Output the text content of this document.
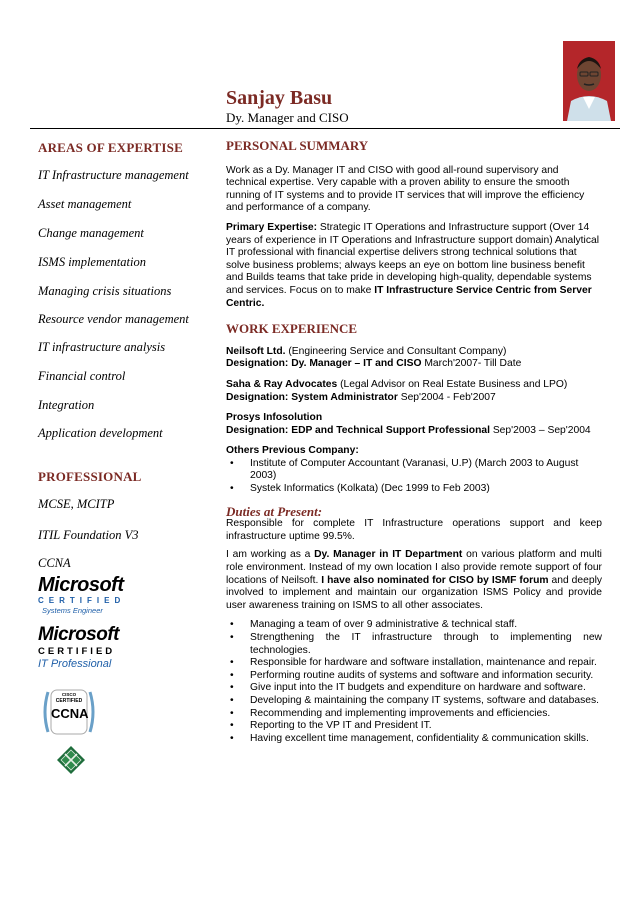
Sanjay Basu
Dy. Manager and CISO
AREAS OF EXPERTISE
IT Infrastructure management
Asset management
Change management
ISMS implementation
Managing crisis situations
Resource vendor management
IT infrastructure analysis
Financial control
Integration
Application development
PROFESSIONAL
MCSE, MCITP
ITIL Foundation V3
CCNA
Microsoft
CERTIFIED
Systems Engineer
Microsoft
CERTIFIED
IT Professional
CISCO
CERTIFIED
CCNA
PERSONAL SUMMARY

Work as a Dy. Manager IT and CISO with good all-round supervisory and technical expertise. Very capable with a proven ability to ensure the smooth running of IT systems and to provide IT services that will improve the efficiency and performance of a company.

Primary Expertise: Strategic IT Operations and Infrastructure support (Over 14 years of experience in IT Operations and Infrastructure support domain) Analytical IT professional with financial expertise delivers strong technical solutions that solve business problems; always keeps an eye on bottom line business benefit and Builds teams that take pride in developing high-quality, dependable systems and services. Focus on to make IT Infrastructure Service Centric from Server Centric.

WORK EXPERIENCE
Neilsoft Ltd. (Engineering Service and Consultant Company)
Designation: Dy. Manager – IT and CISO March'2007- Till Date
Saha & Ray Advocates (Legal Advisor on Real Estate Business and LPO)
Designation: System Administrator Sep'2004 - Feb'2007
Prosys Infosolution
Designation: EDP and Technical Support Professional Sep'2003 – Sep'2004
Others Previous Company:
• Institute of Computer Accountant (Varanasi, U.P) (March 2003 to August 2003)
• Systek Informatics (Kolkata) (Dec 1999 to Feb 2003)
Duties at Present:

Responsible for complete IT Infrastructure operations support and keep infrastructure uptime 99.5%.

I am working as a Dy. Manager in IT Department on various platform and multi role environment. Instead of my own location I also provide remote support of four locations of Neilsoft. I have also nominated for CISO by ISMF forum and deeply involved to implement and maintain our organization ISMS Policy and provide user awareness training on ISMS to all other associates.

• Managing a team of over 9 administrative & technical staff.
• Strengthening the IT infrastructure through to implementing new technologies.
• Responsible for hardware and software installation, maintenance and repair.
• Performing routine audits of systems and software and information security.
• Give input into the IT budgets and expenditure on hardware and software.
• Developing & maintaining the company IT systems, software and databases.
• Recommending and implementing improvements and efficiencies.
• Reporting to the VP IT and President IT.
• Having excellent time management, confidentiality & communication skills.
